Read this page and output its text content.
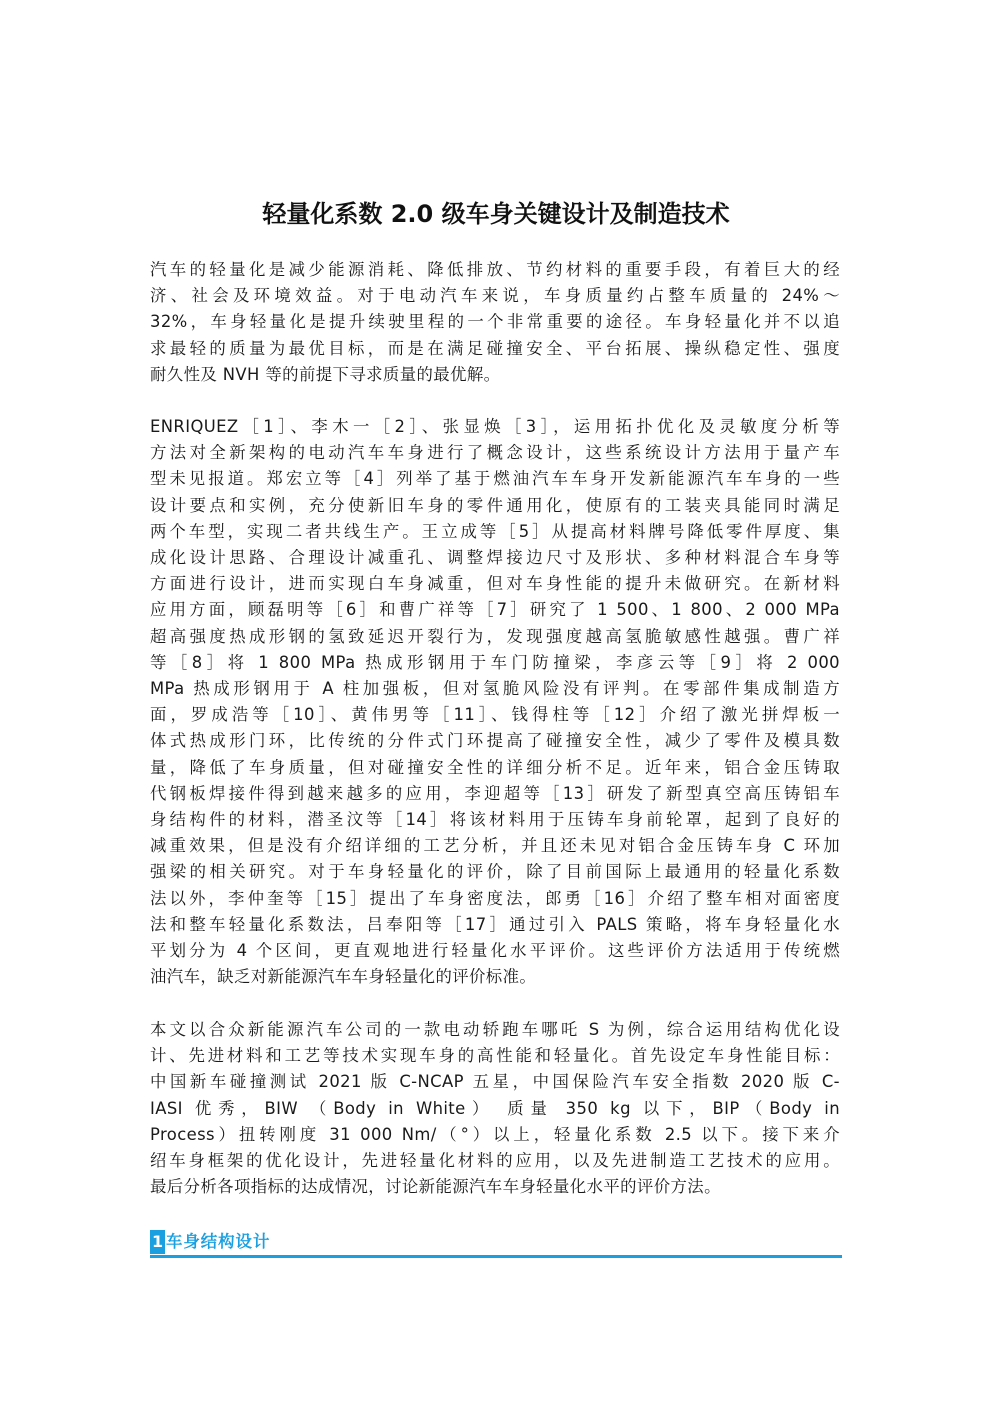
轻量化系数 2.0 级车身关键设计及制造技术

汽车的轻量化是减少能源消耗、降低排放、节约材料的重要手段，有着巨大的经
济、社会及环境效益。对于电动汽车来说，车身质量约占整车质量的 24%～
32%，车身轻量化是提升续驶里程的一个非常重要的途径。车身轻量化并不以追
求最轻的质量为最优目标，而是在满足碰撞安全、平台拓展、操纵稳定性、强度
耐久性及 NVH 等的前提下寻求质量的最优解。

ENRIQUEZ［1］、李木一［2］、张显焕［3］，运用拓扑优化及灵敏度分析等
方法对全新架构的电动汽车车身进行了概念设计，这些系统设计方法用于量产车
型未见报道。郑宏立等［4］列举了基于燃油汽车车身开发新能源汽车车身的一些
设计要点和实例，充分使新旧车身的零件通用化，使原有的工装夹具能同时满足
两个车型，实现二者共线生产。王立成等［5］从提高材料牌号降低零件厚度、集
成化设计思路、合理设计减重孔、调整焊接边尺寸及形状、多种材料混合车身等
方面进行设计，进而实现白车身减重，但对车身性能的提升未做研究。在新材料
应用方面，顾磊明等［6］和曹广祥等［7］研究了 1 500、1 800、2 000 MPa
超高强度热成形钢的氢致延迟开裂行为，发现强度越高氢脆敏感性越强。曹广祥
等［8］将 1 800 MPa 热成形钢用于车门防撞梁，李彦云等［9］将 2 000
MPa 热成形钢用于 A 柱加强板，但对氢脆风险没有评判。在零部件集成制造方
面，罗成浩等［10］、黄伟男等［11］、钱得柱等［12］介绍了激光拼焊板一
体式热成形门环，比传统的分件式门环提高了碰撞安全性，减少了零件及模具数
量，降低了车身质量，但对碰撞安全性的详细分析不足。近年来，铝合金压铸取
代钢板焊接件得到越来越多的应用，李迎超等［13］研发了新型真空高压铸铝车
身结构件的材料，潜圣汶等［14］将该材料用于压铸车身前轮罩，起到了良好的
减重效果，但是没有介绍详细的工艺分析，并且还未见对铝合金压铸车身 C 环加
强梁的相关研究。对于车身轻量化的评价，除了目前国际上最通用的轻量化系数
法以外，李仲奎等［15］提出了车身密度法，郎勇［16］介绍了整车相对面密度
法和整车轻量化系数法，吕奉阳等［17］通过引入 PALS 策略，将车身轻量化水
平划分为 4 个区间，更直观地进行轻量化水平评价。这些评价方法适用于传统燃
油汽车，缺乏对新能源汽车车身轻量化的评价标准。

本文以合众新能源汽车公司的一款电动轿跑车哪吒 S 为例，综合运用结构优化设
计、先进材料和工艺等技术实现车身的高性能和轻量化。首先设定车身性能目标：
中国新车碰撞测试 2021 版 C-NCAP 五星，中国保险汽车安全指数 2020 版 C-
IASI 优秀，BIW （Body in White） 质量 350 kg 以下，BIP（Body in
Process）扭转刚度 31 000 Nm/（°）以上，轻量化系数 2.5 以下。接下来介
绍车身框架的优化设计，先进轻量化材料的应用，以及先进制造工艺技术的应用。
最后分析各项指标的达成情况，讨论新能源汽车车身轻量化水平的评价方法。

1 车身结构设计
